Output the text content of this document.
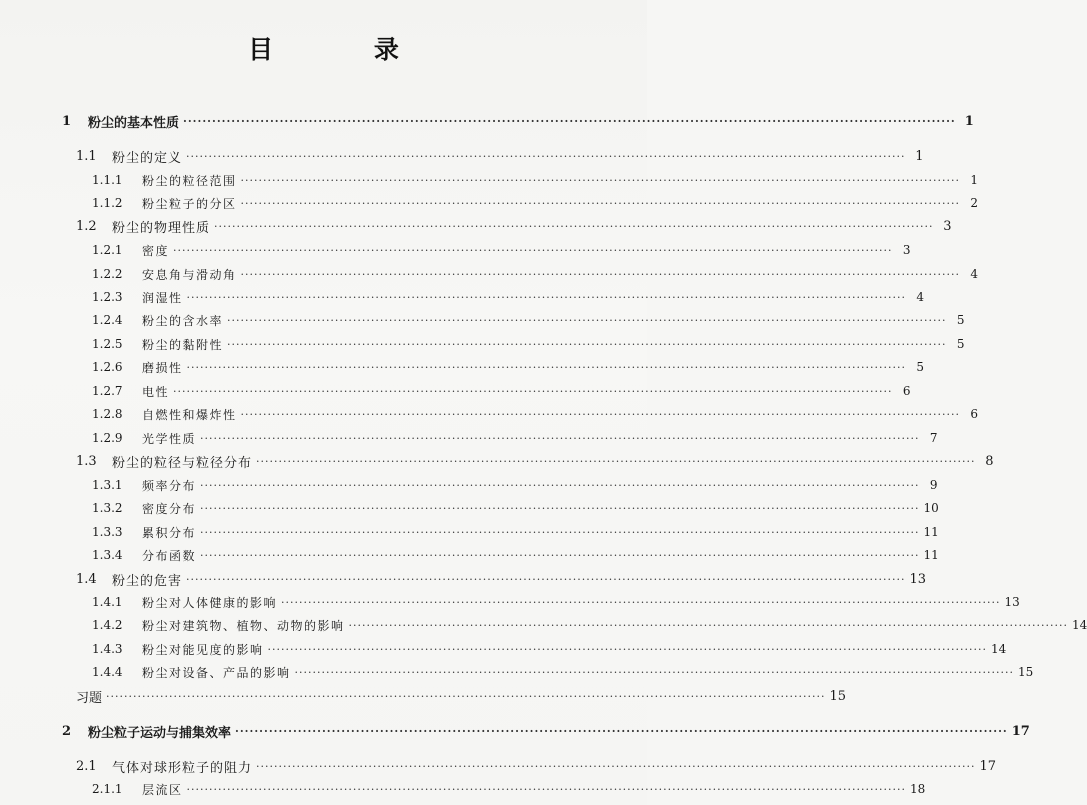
目 录
1	粉尘的基本性质 ································································································································································ 1
1.1	粉尘的定义 ································································································································································ 1
1.1.1	粉尘的粒径范围 ································································································································································ 1
1.1.2	粉尘粒子的分区 ································································································································································ 2
1.2	粉尘的物理性质 ································································································································································ 3
1.2.1	密度 ································································································································································ 3
1.2.2	安息角与滑动角 ································································································································································ 4
1.2.3	润湿性 ································································································································································ 4
1.2.4	粉尘的含水率 ································································································································································ 5
1.2.5	粉尘的黏附性 ································································································································································ 5
1.2.6	磨损性 ································································································································································ 5
1.2.7	电性 ································································································································································ 6
1.2.8	自燃性和爆炸性 ································································································································································ 6
1.2.9	光学性质 ································································································································································ 7
1.3	粉尘的粒径与粒径分布 ································································································································································ 8
1.3.1	频率分布 ································································································································································ 9
1.3.2	密度分布 ································································································································································ 10
1.3.3	累积分布 ································································································································································ 11
1.3.4	分布函数 ································································································································································ 11
1.4	粉尘的危害 ································································································································································ 13
1.4.1	粉尘对人体健康的影响 ································································································································································ 13
1.4.2	粉尘对建筑物、植物、动物的影响 ································································································································································ 14
1.4.3	粉尘对能见度的影响 ································································································································································ 14
1.4.4	粉尘对设备、产品的影响 ································································································································································ 15
习题 ································································································································································ 15
2	粉尘粒子运动与捕集效率 ································································································································································ 17
2.1	气体对球形粒子的阻力 ································································································································································ 17
2.1.1	层流区 ································································································································································ 18
